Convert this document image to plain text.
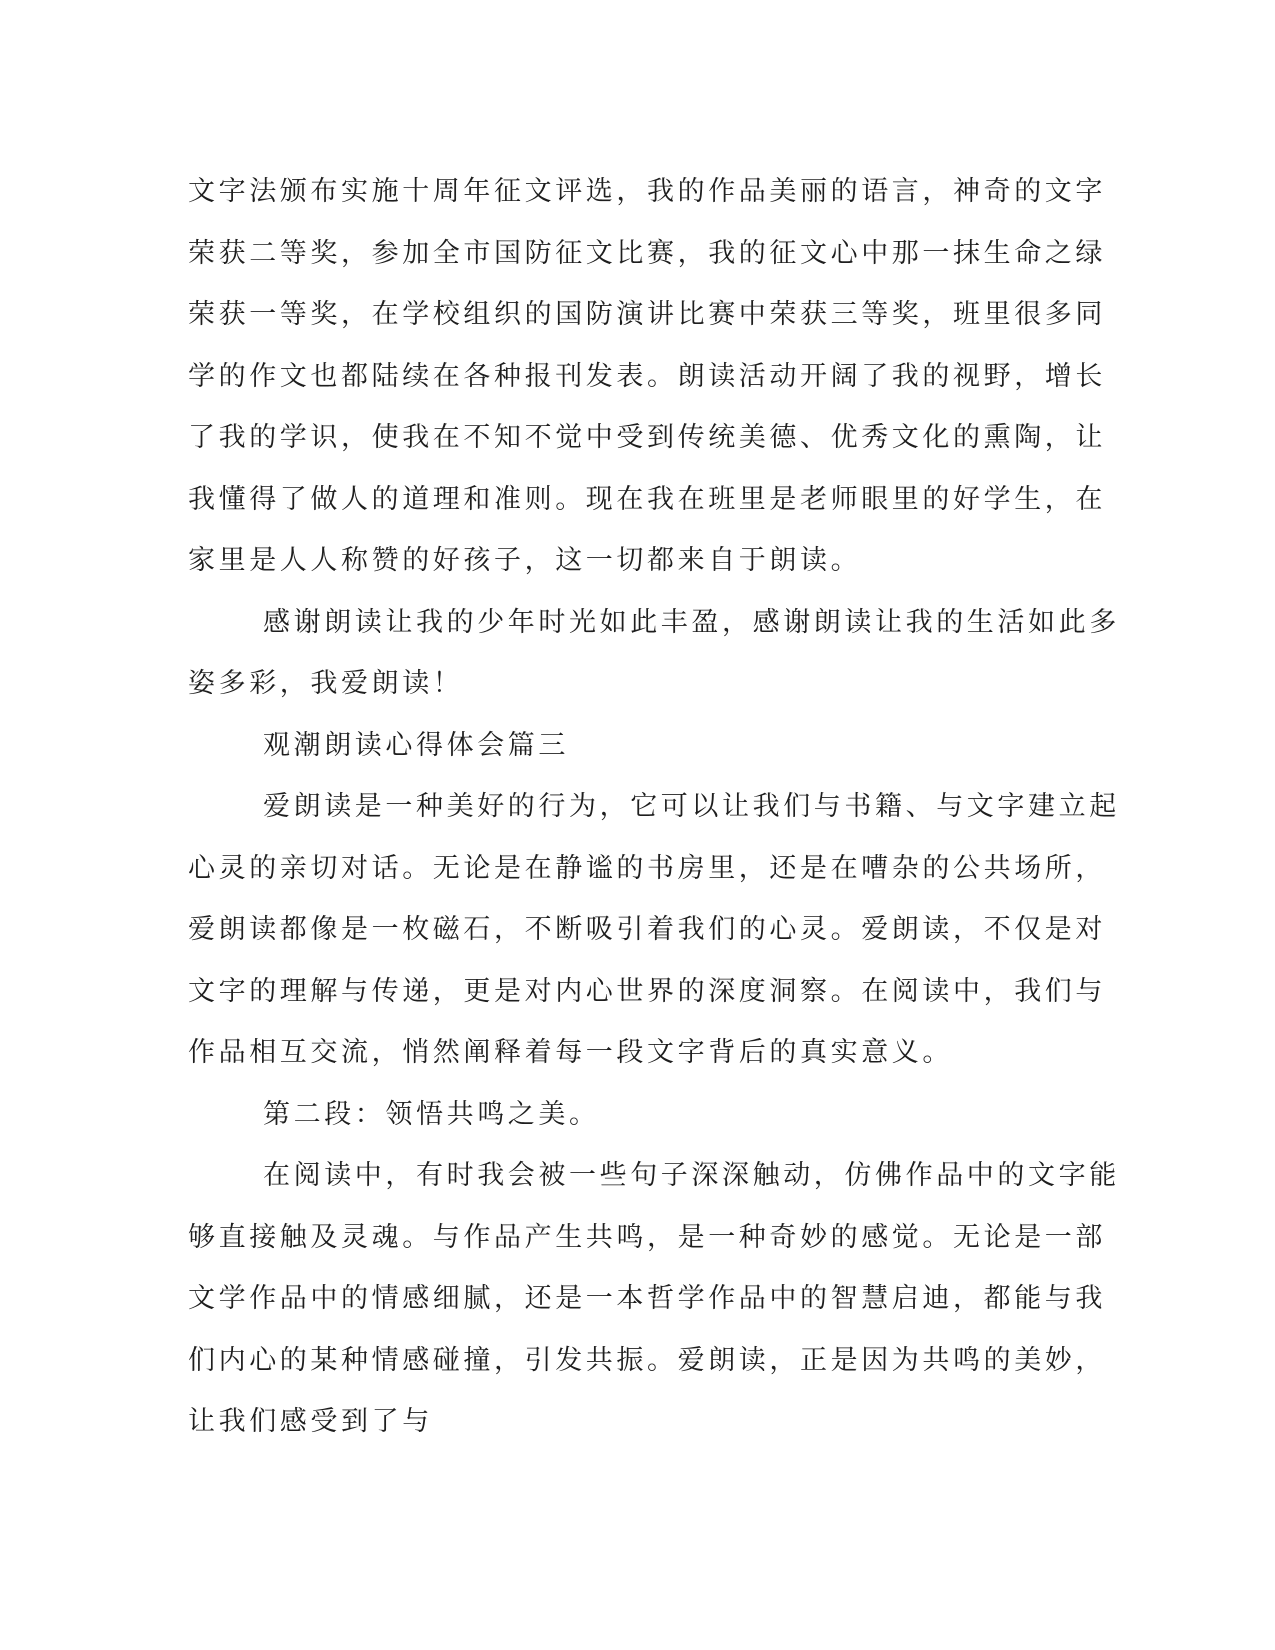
文字法颁布实施十周年征文评选，我的作品美丽的语言，神奇的文字
荣获二等奖，参加全市国防征文比赛，我的征文心中那一抹生命之绿
荣获一等奖，在学校组织的国防演讲比赛中荣获三等奖，班里很多同
学的作文也都陆续在各种报刊发表。朗读活动开阔了我的视野，增长
了我的学识，使我在不知不觉中受到传统美德、优秀文化的熏陶，让
我懂得了做人的道理和准则。现在我在班里是老师眼里的好学生，在
家里是人人称赞的好孩子，这一切都来自于朗读。
感谢朗读让我的少年时光如此丰盈，感谢朗读让我的生活如此多
姿多彩，我爱朗读！
观潮朗读心得体会篇三
爱朗读是一种美好的行为，它可以让我们与书籍、与文字建立起
心灵的亲切对话。无论是在静谧的书房里，还是在嘈杂的公共场所，
爱朗读都像是一枚磁石，不断吸引着我们的心灵。爱朗读，不仅是对
文字的理解与传递，更是对内心世界的深度洞察。在阅读中，我们与
作品相互交流，悄然阐释着每一段文字背后的真实意义。
第二段：领悟共鸣之美。
在阅读中，有时我会被一些句子深深触动，仿佛作品中的文字能
够直接触及灵魂。与作品产生共鸣，是一种奇妙的感觉。无论是一部
文学作品中的情感细腻，还是一本哲学作品中的智慧启迪，都能与我
们内心的某种情感碰撞，引发共振。爱朗读，正是因为共鸣的美妙，
让我们感受到了与
